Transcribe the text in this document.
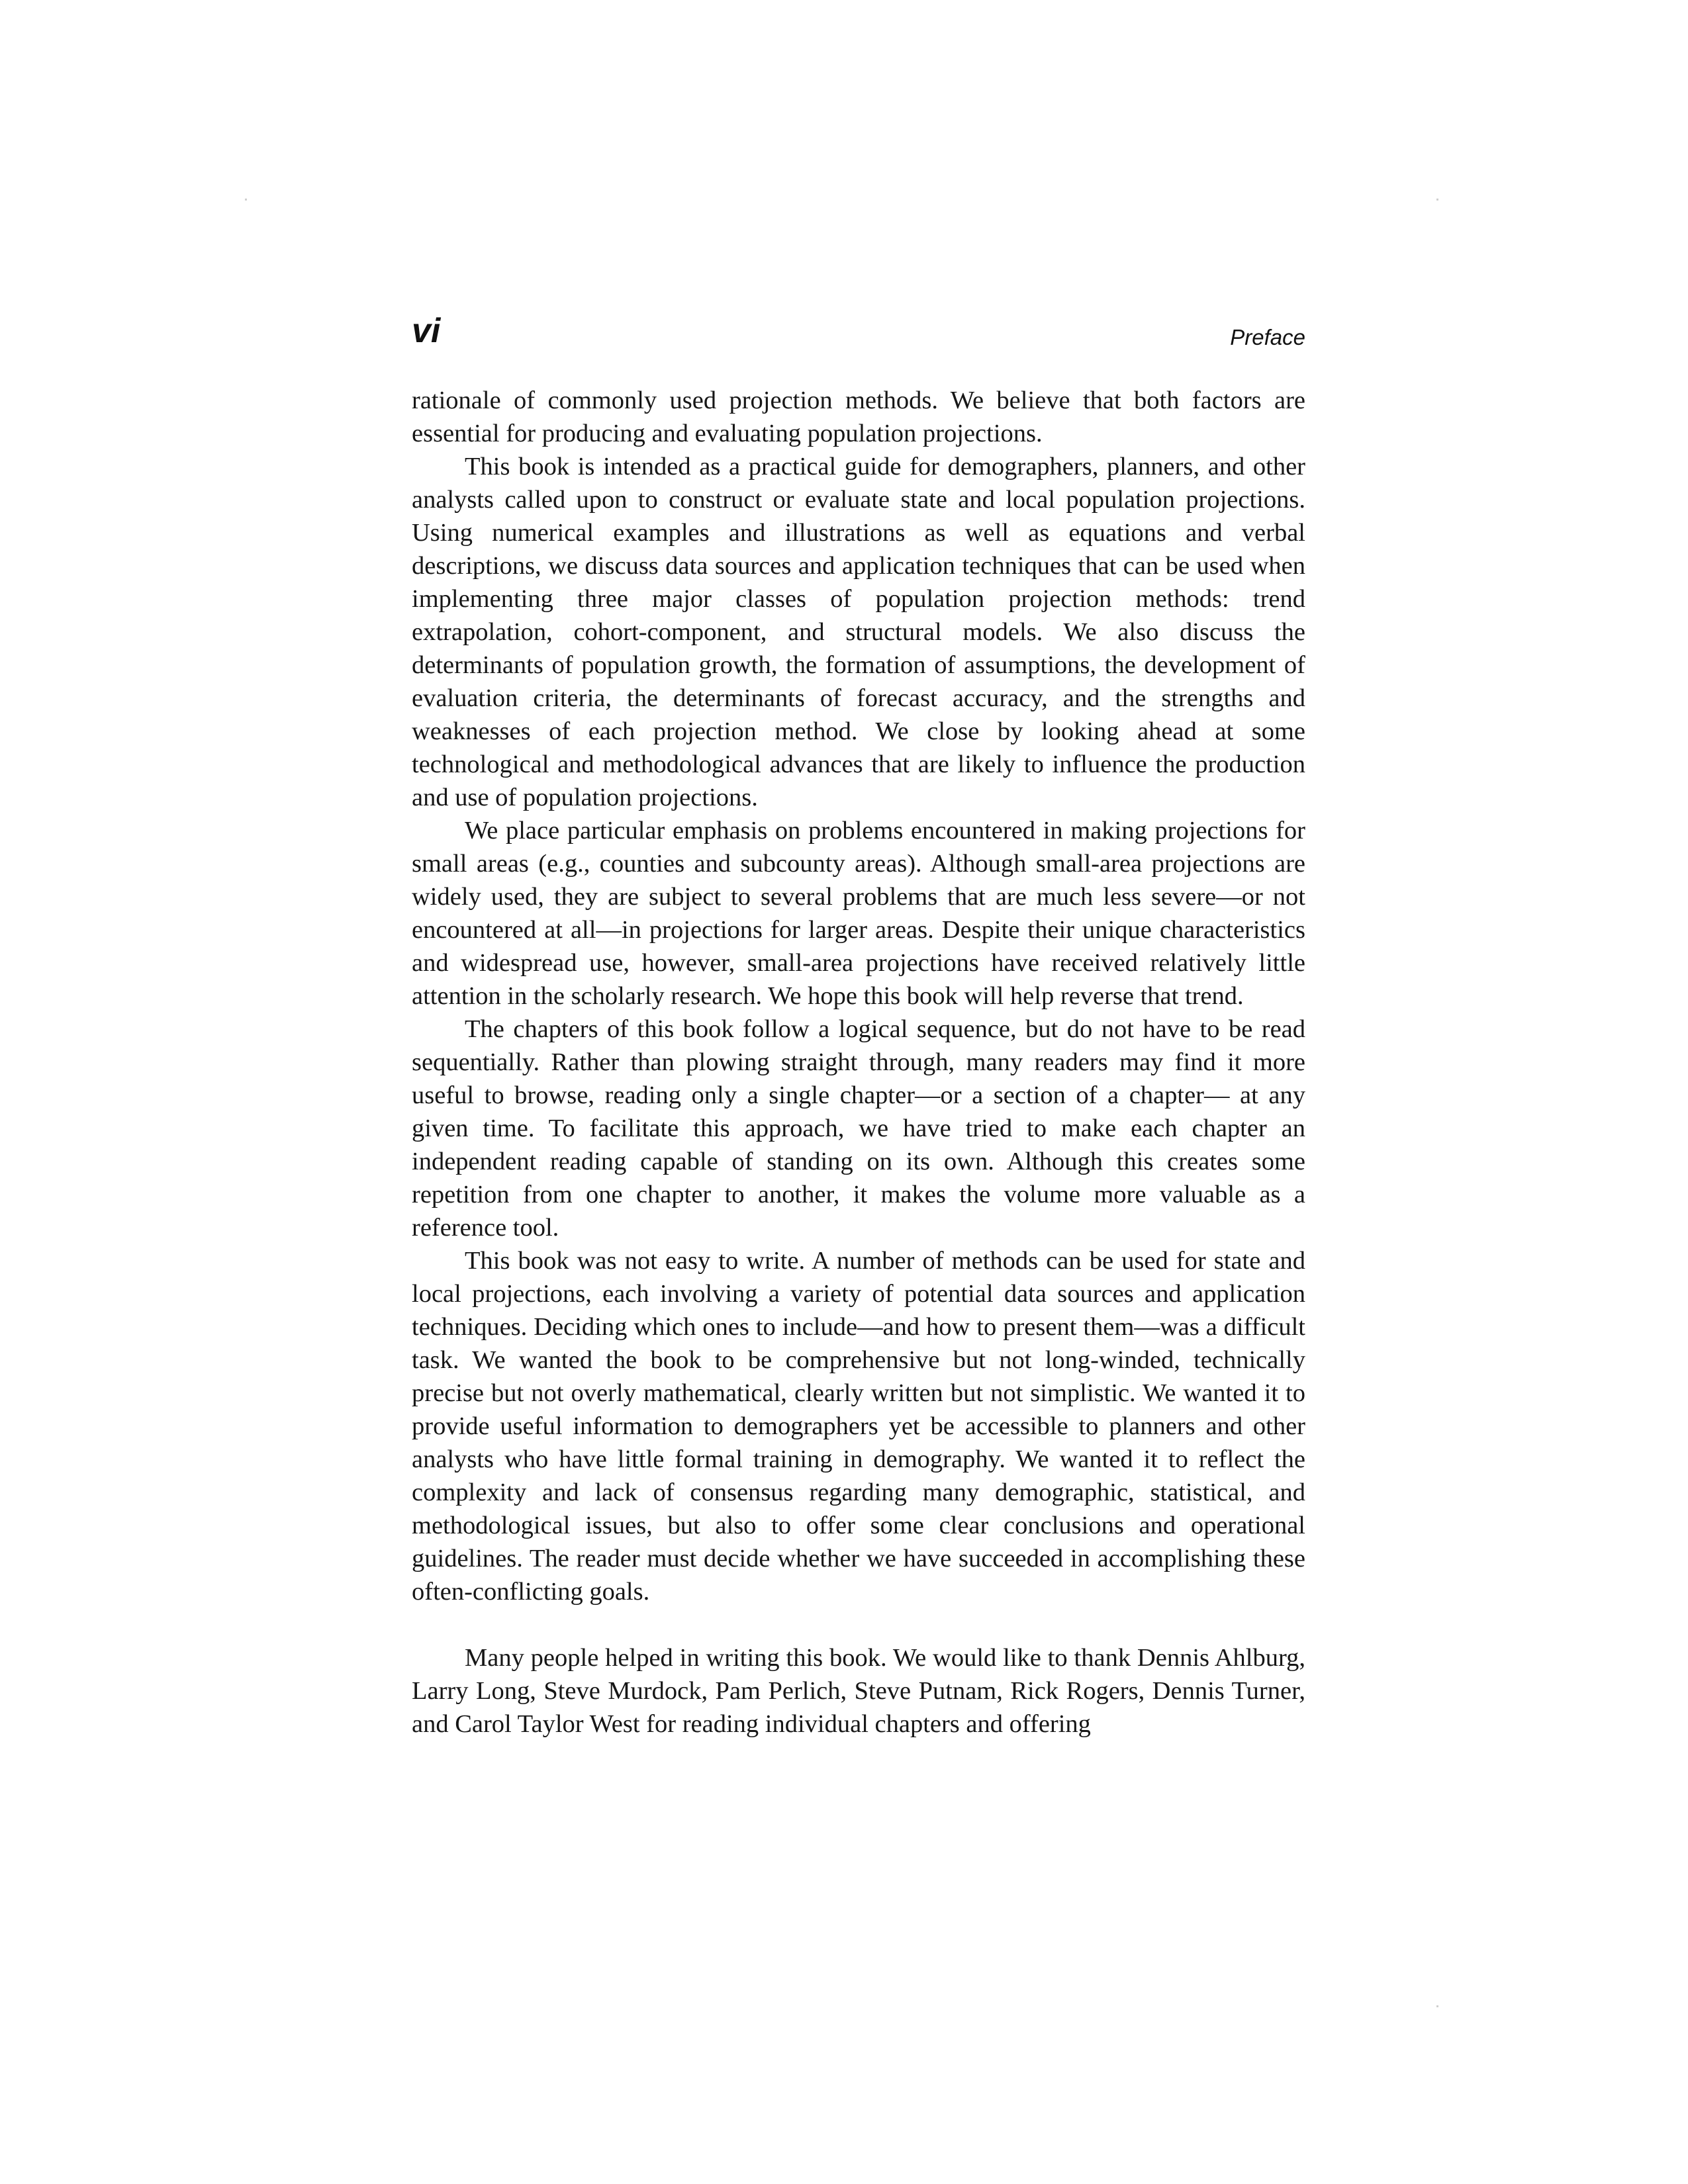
vi	Preface

rationale of commonly used projection methods. We believe that both factors are essential for producing and evaluating population projections.

This book is intended as a practical guide for demographers, planners, and other analysts called upon to construct or evaluate state and local population projections. Using numerical examples and illustrations as well as equations and verbal descriptions, we discuss data sources and application techniques that can be used when implementing three major classes of population projection methods: trend extrapolation, cohort-component, and structural models. We also discuss the determinants of population growth, the formation of assumptions, the development of evaluation criteria, the determinants of forecast accuracy, and the strengths and weaknesses of each projection method. We close by looking ahead at some technological and methodological advances that are likely to influence the production and use of population projections.

We place particular emphasis on problems encountered in making projections for small areas (e.g., counties and subcounty areas). Although small-area projections are widely used, they are subject to several problems that are much less severe—or not encountered at all—in projections for larger areas. Despite their unique characteristics and widespread use, however, small-area projections have received relatively little attention in the scholarly research. We hope this book will help reverse that trend.

The chapters of this book follow a logical sequence, but do not have to be read sequentially. Rather than plowing straight through, many readers may find it more useful to browse, reading only a single chapter—or a section of a chapter— at any given time. To facilitate this approach, we have tried to make each chapter an independent reading capable of standing on its own. Although this creates some repetition from one chapter to another, it makes the volume more valuable as a reference tool.

This book was not easy to write. A number of methods can be used for state and local projections, each involving a variety of potential data sources and application techniques. Deciding which ones to include—and how to present them—was a difficult task. We wanted the book to be comprehensive but not long-winded, technically precise but not overly mathematical, clearly written but not simplistic. We wanted it to provide useful information to demographers yet be accessible to planners and other analysts who have little formal training in demography. We wanted it to reflect the complexity and lack of consensus regarding many demographic, statistical, and methodological issues, but also to offer some clear conclusions and operational guidelines. The reader must decide whether we have succeeded in accomplishing these often-conflicting goals.

Many people helped in writing this book. We would like to thank Dennis Ahlburg, Larry Long, Steve Murdock, Pam Perlich, Steve Putnam, Rick Rogers, Dennis Turner, and Carol Taylor West for reading individual chapters and offering
